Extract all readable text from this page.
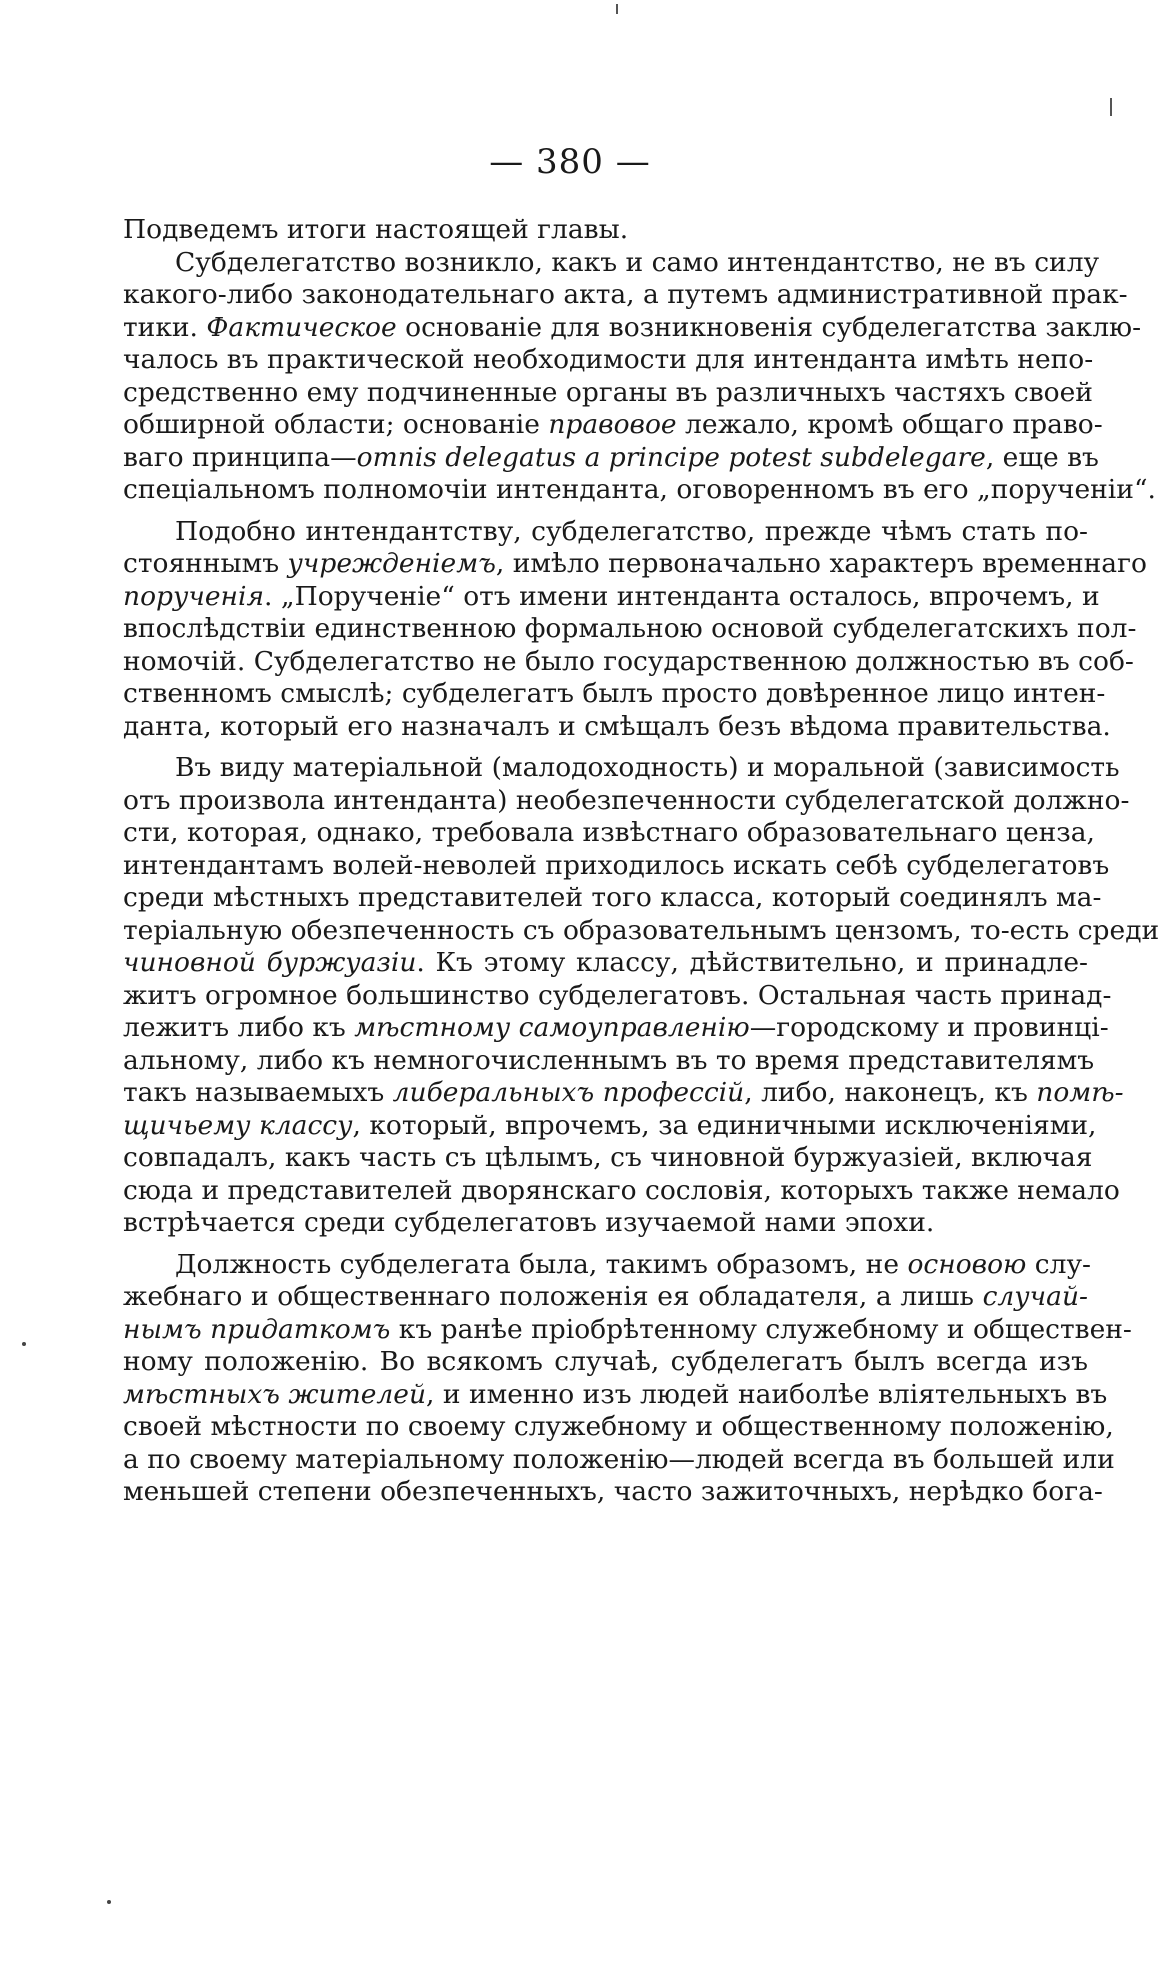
— 380 —
Подведемъ итоги настоящей главы.
Субделегатство возникло, какъ и само интендантство, не въ силу
какого-либо законодательнаго акта, а путемъ административной прак-
тики. Фактическое основаніе для возникновенія субделегатства заклю-
чалось въ практической необходимости для интенданта имѣть непо-
средственно ему подчиненные органы въ различныхъ частяхъ своей
обширной области; основаніе правовое лежало, кромѣ общаго право-
ваго принципа—omnis delegatus a principe potest subdelegare, еще въ
спеціальномъ полномочіи интенданта, оговоренномъ въ его „порученіи“.
Подобно интендантству, субделегатство, прежде чѣмъ стать по-
стояннымъ учрежденіемъ, имѣло первоначально характеръ временнаго
порученія. „Порученіе“ отъ имени интенданта осталось, впрочемъ, и
впослѣдствіи единственною формальною основой субделегатскихъ пол-
номочій. Субделегатство не было государственною должностью въ соб-
ственномъ смыслѣ; субделегатъ былъ просто довѣренное лицо интен-
данта, который его назначалъ и смѣщалъ безъ вѣдома правительства.
Въ виду матеріальной (малодоходность) и моральной (зависимость
отъ произвола интенданта) необезпеченности субделегатской должно-
сти, которая, однако, требовала извѣстнаго образовательнаго ценза,
интендантамъ волей-неволей приходилось искать себѣ субделегатовъ
среди мѣстныхъ представителей того класса, который соединялъ ма-
теріальную обезпеченность съ образовательнымъ цензомъ, то-есть среди
чиновной буржуазіи. Къ этому классу, дѣйствительно, и принадле-
житъ огромное большинство субделегатовъ. Остальная часть принад-
лежитъ либо къ мѣстному самоуправленію—городскому и провинці-
альному, либо къ немногочисленнымъ въ то время представителямъ
такъ называемыхъ либеральныхъ профессій, либо, наконецъ, къ помѣ-
щичьему классу, который, впрочемъ, за единичными исключеніями,
совпадалъ, какъ часть съ цѣлымъ, съ чиновной буржуазіей, включая
сюда и представителей дворянскаго сословія, которыхъ также немало
встрѣчается среди субделегатовъ изучаемой нами эпохи.
Должность субделегата была, такимъ образомъ, не основою слу-
жебнаго и общественнаго положенія ея обладателя, а лишь случай-
нымъ придаткомъ къ ранѣе пріобрѣтенному служебному и обществен-
ному положенію. Во всякомъ случаѣ, субделегатъ былъ всегда изъ
мѣстныхъ жителей, и именно изъ людей наиболѣе вліятельныхъ въ
своей мѣстности по своему служебному и общественному положенію,
а по своему матеріальному положенію—людей всегда въ большей или
меньшей степени обезпеченныхъ, часто зажиточныхъ, нерѣдко бога-
